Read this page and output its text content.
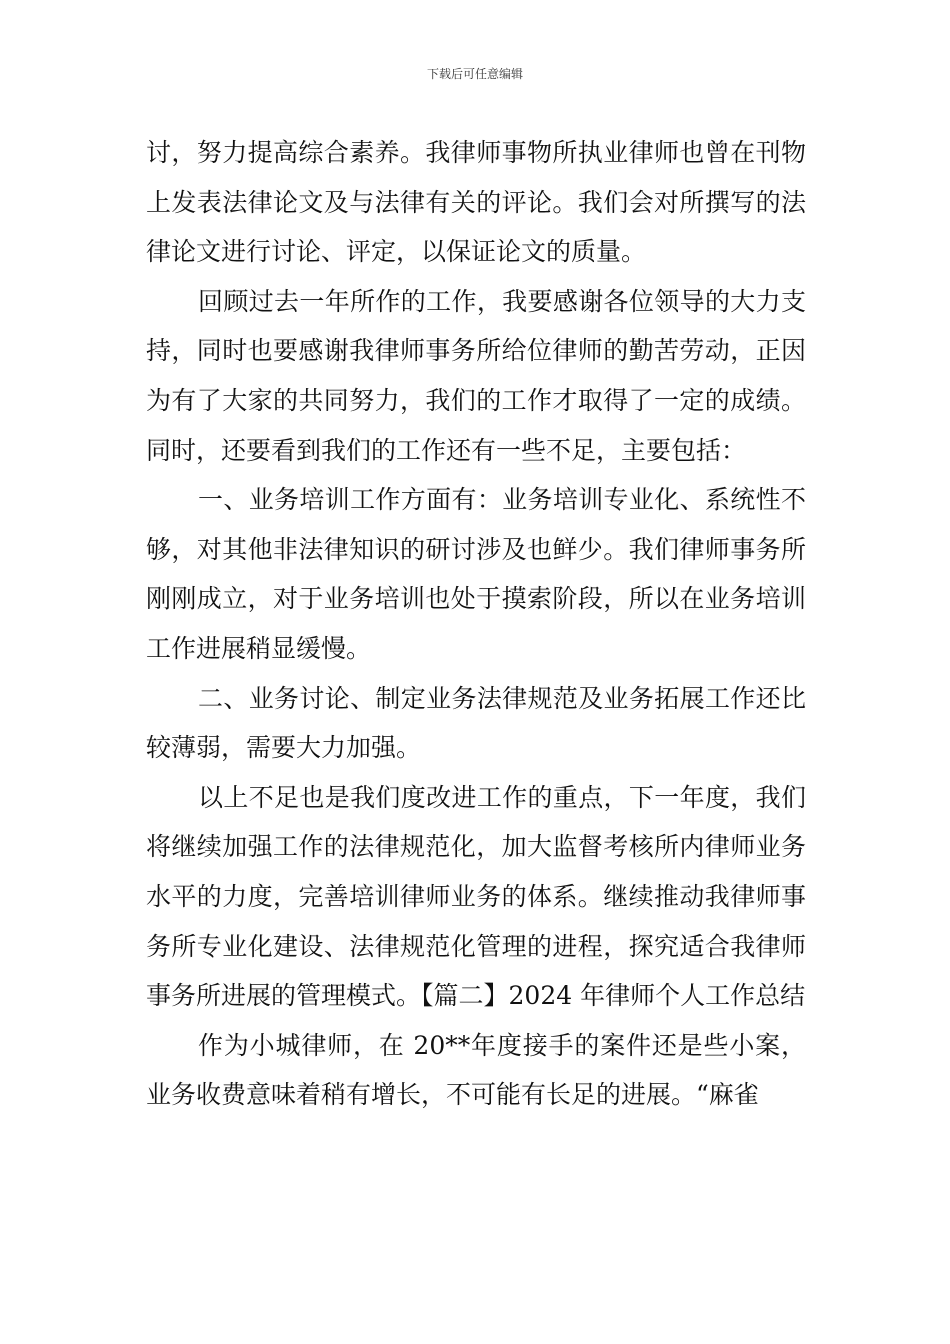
下载后可任意编辑

讨，努力提高综合素养。我律师事物所执业律师也曾在刊物上发表法律论文及与法律有关的评论。我们会对所撰写的法律论文进行讨论、评定，以保证论文的质量。

回顾过去一年所作的工作，我要感谢各位领导的大力支持，同时也要感谢我律师事务所给位律师的勤苦劳动，正因为有了大家的共同努力，我们的工作才取得了一定的成绩。同时，还要看到我们的工作还有一些不足，主要包括：

一、业务培训工作方面有：业务培训专业化、系统性不够，对其他非法律知识的研讨涉及也鲜少。我们律师事务所刚刚成立，对于业务培训也处于摸索阶段，所以在业务培训工作进展稍显缓慢。

二、业务讨论、制定业务法律规范及业务拓展工作还比较薄弱，需要大力加强。

以上不足也是我们度改进工作的重点，下一年度，我们将继续加强工作的法律规范化，加大监督考核所内律师业务水平的力度，完善培训律师业务的体系。继续推动我律师事务所专业化建设、法律规范化管理的进程，探究适合我律师事务所进展的管理模式。【篇二】2024 年律师个人工作总结

作为小城律师，在 20**年度接手的案件还是些小案，业务收费意味着稍有增长，不可能有长足的进展。“麻雀
